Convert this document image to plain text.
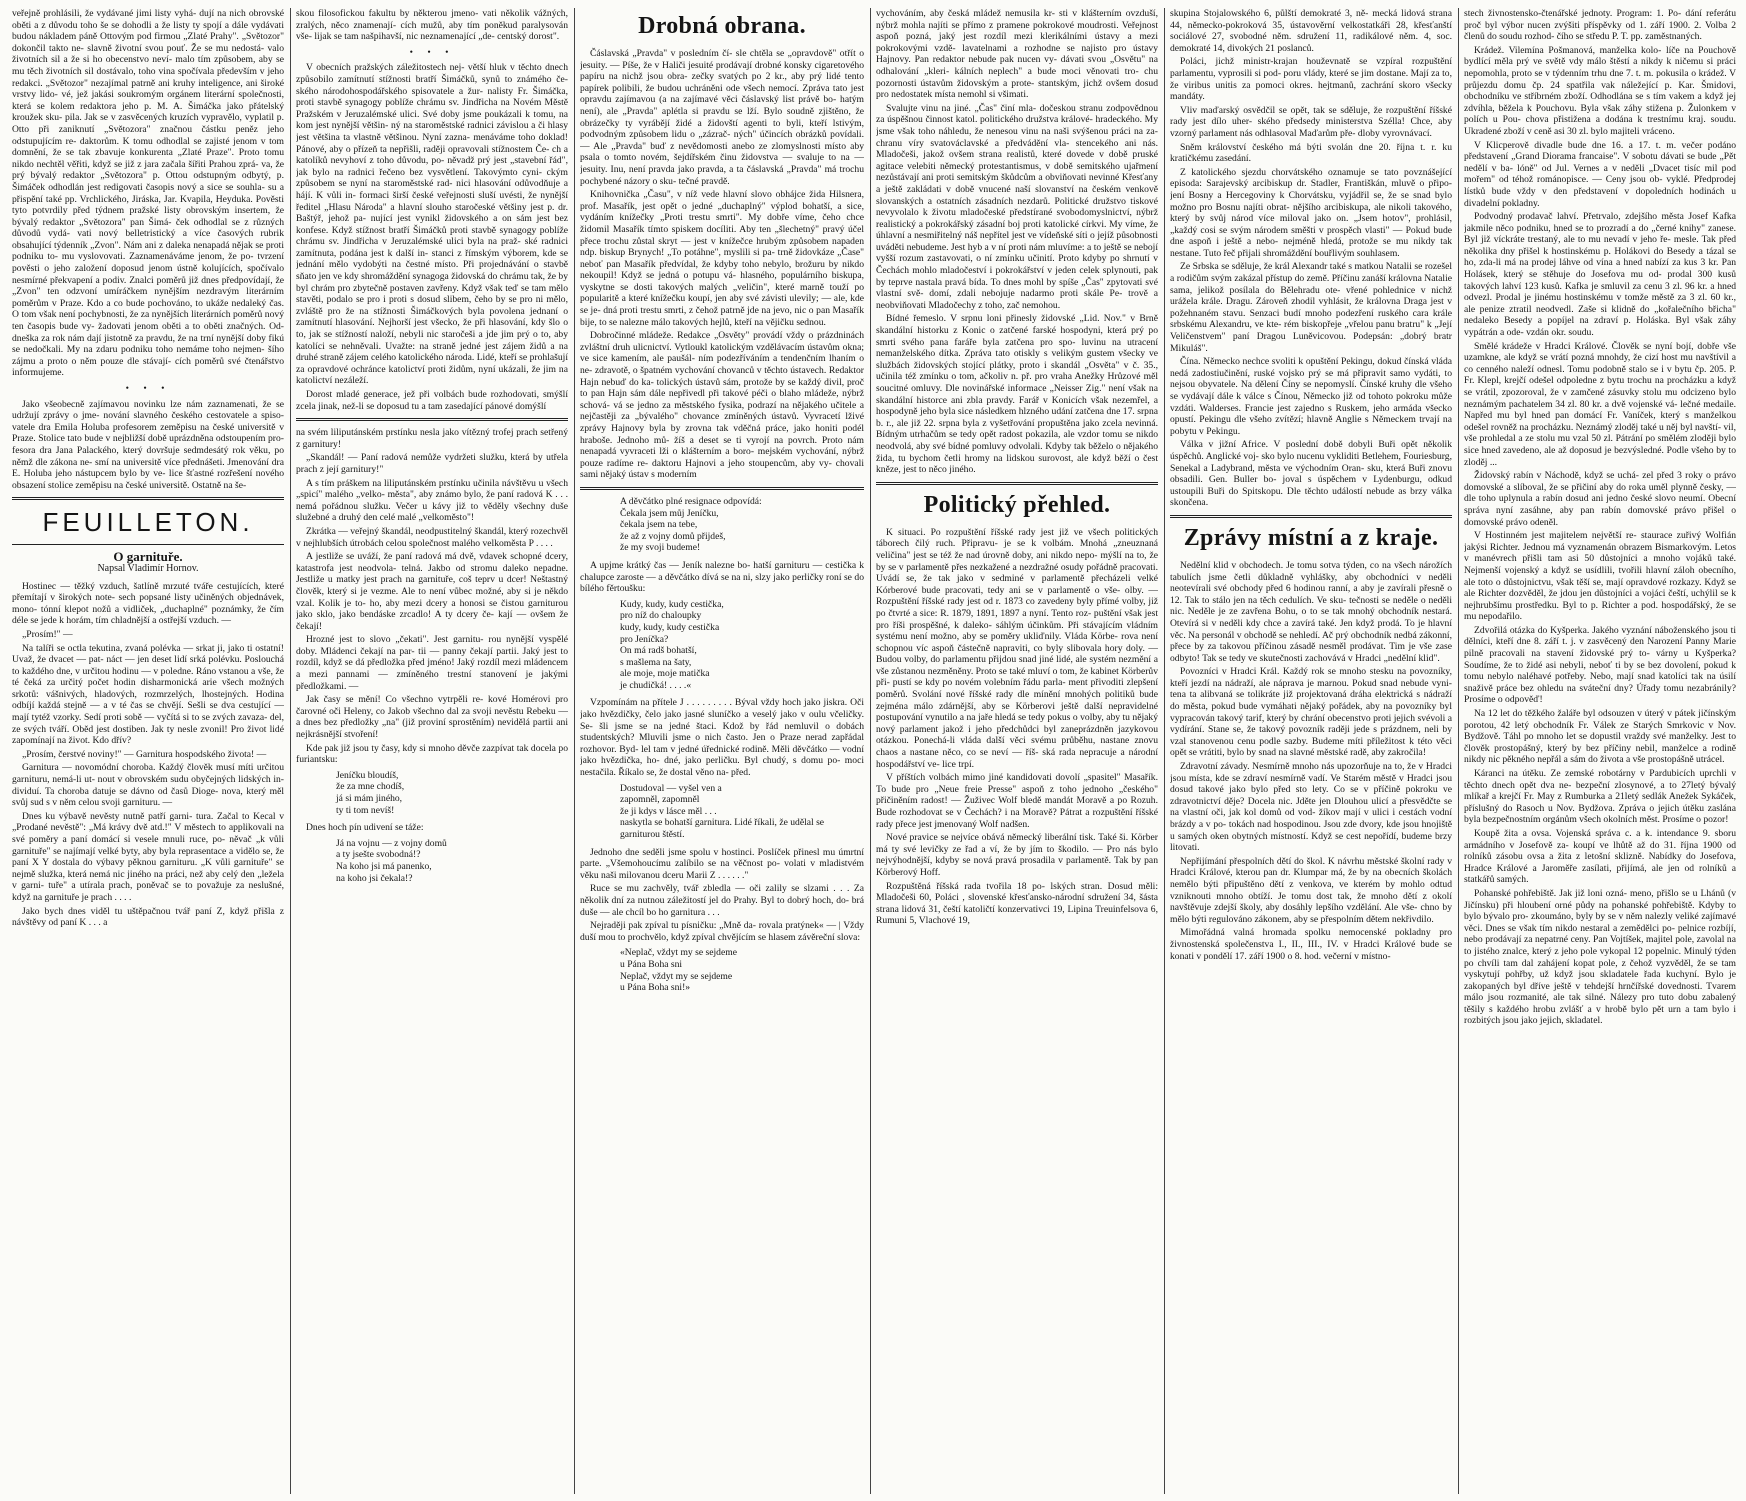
veřejně prohlásili, že vydávané jimi listy vyhá- dují na nich obrovské oběti a z důvodu toho še se dohodli a že listy ty spojí a dále vydávati budou nákladem páně Ottovým pod firmou „Zlaté Prahy". „Světozor" dokončil takto ne- slavně životní svou pouť. Že se mu nedostá- valo životních sil a že si ho obecenstvo neví- malo tím způsobem, aby se mu těch životních sil dostávalo, toho vina spočívala především v jeho redakci. „Světozor" nezajímal patrně ani kruhy inteligence, ani široké vrstvy lido- vé, jež jakási soukromým orgánem literární společnosti, která se kolem redaktora jeho p. M. A. Šimáčka jako přátelský kroužek sku- pila. Jak se v zasvěcených kruzích vypravělo, vyplatil p. Otto při zaniknutí „Světozora" značnou částku peněz jeho odstupujícím re- daktorům. K tomu odhodlal se zajisté jenom v tom domnění, že se tak zbavuje konkurenta „Zlaté Praze". Proto tomu nikdo nechtěl věřiti, když se již z jara začala šířiti Prahou zprá- va, že prý bývalý redaktor „Světozora" p. Ottou odstupným odbytý, p. Šimáček odhodlán jest redigovati časopis nový a sice se souhla- su a přispění také pp. Vrchlického, Jiráska, Jar. Kvapila, Heyduka. Pověsti tyto potvrdily před týdnem pražské listy obrovským insertem, že bývalý redaktor „Světozora" pan Šimá- ček odhodlal se z různých důvodů vydá- vati nový belletristický a více časových rubrik obsahující týdenník „Zvon". Nám ani z daleka nenapadá nějak se proti podniku to- mu vyslovovati. Zaznamenáváme jenom, že po- tvrzení pověsti o jeho založení doposud jenom ústně kolujících, spočívalo nesmírné překvapení a podiv. Znalci poměrů již dnes předpovídají, že „Zvon" ten odzvoní umíráčkem nynějším nezdravým literárním poměrům v Praze. Kdo a co bude pochováno, to ukáže nedaleký čas. O tom však není pochybnosti, že za nynějších literárních poměrů nový ten časopis bude vy- žadovati jenom oběti a to oběti značných. Od- dneška za rok nám dají jistotně za pravdu, že na trní nynější doby fikú se nedočkali. My na zdaru podniku toho nemáme toho nejmen- šího zájmu a proto o něm pouze dle stávají- cích poměrů své čtenářstvo informujeme.

• • •

Jako všeobecně zajímavou novinku lze nám zaznamenati, že se udržují zprávy o jme- nování slavného českého cestovatele a spiso- vatele dra Emila Holuba profesorem zeměpisu na české universitě v Praze. Stolice tato bude v nejbližší době uprázdněna odstoupením pro- fesora dra Jana Palackého, který dovršuje sedmdesátý rok věku, po němž dle zákona ne- smí na universitě více přednášeti. Jmenování dra E. Holuba jeho nástupcem bylo by ve- lice šťastné rozřešení nového obsazení stolice zeměpisu na české universitě. Ostatně na še-

FEUILLETON.
O garnituře.
Napsal Vladimír Hornov.

Hostinec — těžký vzduch, šatlíně mrzuté tváře cestujících, které přemítají v širokých note- sech popsané listy učiněných objednávek, mono- tónní klepot nožů a vidliček, „duchaplné" poznámky, že čím déle se jede k horám, tím chladnější a ostřejší vzduch. —

„Prosím!" —

Na talíři se octla tekutina, zvaná polévka — srkat ji, jako ti ostatní! Uvaž, že dvacet — pat- náct — jen deset lidí srká polévku. Poslouchá to každého dne, v určitou hodinu — v poledne. Ráno vstanou a vše, že té čeká za určitý počet hodin disharmonická arie všech možných srkotů: vášnivých, hladových, rozmrzelých, lhostejných. Hodina odbíjí každá stejně — a v té čas se chvějí. Sešli se dva cestující — mají tytéž vzorky. Sedí proti sobě — vyčítá si to se zvých zavaza- del, ze svých tváří. Oběd jest dostiben. Jak ty nesle zvonil! Pro život lidé zapomínají na život. Kdo dřív?

„Prosím, čerstvé noviny!" — Garnitura hospodského života! —

Garnitura — novomódní choroba. Každý člověk musí míti určitou garnituru, nemá-li ut- nout v obrovském sudu obyčejných lidských in- dividuí. Ta choroba datuje se dávno od časů Dioge- nova, který měl svůj sud s v něm celou svoji garnituru. —

Dnes ku výbavě nevěsty nutně patří garni- tura. Začal to Kecal v „Prodané nevěstě": „Má krávy dvě atd.!" V městech to applikovali na své poměry a paní domácí si vesele mnuli ruce, po- něvač „k vůli garnituře" se najímají velké byty, aby byla reprasentace a vidělo se, že paní X Y dostala do výbavy pěknou garnituru. „K vůli garnituře" se nejmě služka, která nemá nic jiného na práci, než aby celý den „leželа v garni- tuře" a utírala prach, poněvač se to považuje za neslušné, když na garnituře je prach . . . .

Jako bych dnes viděl tu uštěpačnou tvář paní Z, když přišla z návštěvy od paní K . . . a

skou filosofickou fakultu by některou jmeno- vati několik vážných, zralých, něco znamenají- cích mužů, aby tím poněkud paralysován vše- lijak se tam našpihavší, nic neznamenající „de- centský dorost".

• • •

V obecních pražských záležitostech nej- větší hluk v těchto dnech způsobilo zamítnutí stížnosti bratří Šimáčků, synů to známého če- ského národohospodářského spisovatele a žur- nalisty Fr. Šimáčka, proti stavbě synagogy poblíže chrámu sv. Jindřicha na Novém Městě Pražském v Jeruzalémské ulici. Své doby jsme poukázali k tomu, na kom jest nynější většin- ný na staroměstské radnici závislou a či hlasy jest většina ta vlastně většinou. Nyní zazna- menáváme toho doklad! Pánové, aby o přízeň ta nepřišli, raději opravovali stížnostem Če- ch a katolíků nevyhoví z toho důvodu, po- něvadž prý jest „stavební řád", jak bylo na radnici řečeno bez vysvětlení. Takovýmto cyni- ckým způsobem se nyní na staroměstské rad- nici hlasování odůvodňuje a hájí. K vůli in- formaci širší české veřejnosti sluší uvésti, že nynější ředitel „Hlasu Národa" a hlavní slouho staročeské většiny jest p. dr. Baštýř, jehož pa- nující jest vynikl židovského a on sám jest bez konfese. Když stížnost bratří Šimáčků proti stavbě synagogy poblíže chrámu sv. Jindřicha v Jeruzalémské ulici byla na praž- ské radnici zamítnuta, podána jest k další in- stanci z římským výborem, kde se jednání mělo vydobýti na čestné místo. Při projednávání o stavbě sňato jen ve kdy shromáždění synagoga židovská do chrámu tak, že by byl chrám pro zbytečně postaven zavřeny. Když však teď se tam mělo stavěti, podalo se pro i proti s dosud slibem, čeho by se pro ni mělo, zvláště pro že na stížnosti Šimáčkových byla povolena jednaní o zamítnutí hlasování. Nejhorší jest všecko, že při hlasování, kdy šlo o to, jak se stížností naloží, nebyli nic staročeši a jde jim prý o to, aby katolíci se nehněvali. Uvažte: na straně jedné jest zájem židů a na druhé straně zájem celého katolického národa. Lidé, kteří se prohlašují za opravdové ochránce katolictví proti židům, nyní ukázali, že jim na katolictví nezáleží.

Dorost mladé generace, jež při volbách bude rozhodovati, smýšlí zcela jinak, než-li se doposud tu a tam zasedající pánové domýšlí

na svém liliputánském prstínku nesla jako vítězný trofej prach setřený z garnitury!

„Skandál! — Paní radová nemůže vydržeti služku, která by utřela prach z její garnitury!"

A s tím práškem na liliputánském prstínku učinila návštěvu u všech „spicí" malého „velko- města", aby známo bylo, že paní radová K . . . nemá pořádnou služku. Večer u kávy již to věděly všechny duše služebné a druhý den celé malé „velkoměsto"!

Zkrátka — veřejný škandál, neodpustitelný škandál, který rozechvěl v nejhlubších útrobách celou společnost malého velkoměsta P . . . .

A jestliže se uváží, že paní radová má dvě, vdavek schopné dcery, katastrofa jest neodvola- telná. Jakbo od stromu daleko nepadne. Jestliže u matky jest prach na garnituře, coš teprv u dcer! Neštastný člověk, který si je vezme. Ale to není vůbec možné, aby si je někdo vzal. Kolik je to- ho, aby mezi dcery a honosi se čistou garniturou jako sklo, jako bendáske zrcadlo! A ty dcery če- kají — ovšem že čekají!

Hrozné jest to slovo „čekati". Jest garnitu- rou nynější vyspělé doby. Mládenci čekají na par- tii — panny čekají partii. Jaký jest to rozdíl, když se dá předložka před jméno! Jaký rozdíl mezi mládencem a mezi pannami — zmíněného trestní stanovení je jakými předložkami. —

Jak časy se mění! Co všechno vytrpěli re- kové Homérovi pro čarovné oči Heleny, co Jakob všechno dal za svoji nevěstu Rebeku — a dnes bez předložky „na" (již proviní sprostěním) nevidělá partii ani nejkrásnější stvoření!

Kde pak již jsou ty časy, kdy si mnoho děvče zazpívat tak docela po furiantsku:

Jeníčku bloudíš,
že za mne chodíš,
já si mám jiného,
ty ti tom nevíš!

Dnes hoch pín udivení se táže:

Já na vojnu — z vojny domů
a ty jsešte svobodná!?
Na koho jsi má panenko,
na koho jsi čekala!?
Drobná obrana.

Čáslavská „Pravda" v posledním čí- sle chtěla se „opravdově" otřít o jesuity. — Píše, že v Haliči jesuité prodávají drobné konsky cigaretového papíru na nichž jsou obra- zečky svatých po 2 kr., aby prý lidé tento papírek polibili, že budou uchráněni ode všech nemocí. Zpráva tato jest opravdu zajímavou (a na zajímavé věci čáslavský list právě bo- hatým není), ale „Pravda" aplétla si pravdu se lží. Bylo soudně zjištěno, že obrázečky ty vyrábějí židé a židovští agenti to byli, kteří lstivým, podvodným způsobem lidu o „zázrač- ných" účincích obrázků povídali. — Ale „Pravda" buď z nevědomosti anebo ze zlomyslnosti místo aby psala o tomto novém, šejdířském činu židovstva — svaluje to na — jesuity. Inu, není pravda jako pravda, a ta čáslavská „Pravda" má trochu pochybené názory o sku- tečné pravdě.

Knihovnička „Času", v níž vede hlavní slovo obhájce žida Hilsnera, prof. Masařík, jest opět o jedné „duchaplný" výplod bohatší, a sice, vydáním knížečky „Proti trestu smrti". My dobře víme, čeho chce židomil Masařík tímto spiskem docíliti. Aby ten „šlechetný" pravý účel přece trochu zůstal skryt — jest v knížečce hrubým způsobem napaden ndp. biskup Brynych! „To potáhne", myslili si pa- trně židovkáze „Čase" neboť pan Masařík předvídal, že kdyby toho nebylo, brožuru by nikdo nekoupil! Když se jedná o potupu vá- hlasného, populárního biskupa, vyskytne se dosti takových malých „veličin", které marně touží po popularitě a které knížečku koupí, jen aby své závisti ulevily; — ale, kde se je- dná proti trestu smrti, z čehož patrně jde na jevo, nic o pan Masařík bije, to se nalezne málo takových hejlů, kteří na vějičku sednou.

Dobročinné mládeže. Redakce „Osvěty" provádí vždy o prázdninách zvláštní druh ulicnictví. Vytloukl katolickým vzdělávacím ústavům okna; ve sice kamením, ale paušál- ním podezříváním a tendenčním lhaním o ne- zdravotě, o špatném vychování chovanců v těchto ústavech. Redaktor Hajn nebuď do ka- tolických ústavů sám, protože by se každý divil, proč to pan Hajn sám dále nepřivedl při takové péči o blaho mládeže, nýbrž schová- vá se jedno za městského fysika, podrazí na nějakého učitele a nejčastěji za „bývalého" chovance zmíněných ústavů. Vyvracetí lživé zprávy Hajnovy byla by zrovna tak vděčná práce, jako honiti podél hraboše. Jednoho mů- žíš a deset se ti vyrojí na povrch. Proto nám nenapadá vyvraceti lži o klášterním a boro- mejském vychování, nýbrž pouze radíme re- daktoru Hajnovi a jeho stoupencům, aby vy- chovali sami nějaký ústav s moderním

A děvčátko plné resignace odpovídá:
Čekala jsem můj Jeníčku,
čekala jsem na tebe,
že až z vojny domů přijdeš,
že my svoji budeme!

A upjme krátký čas — Jeník nalezne bo- hatší garnituru — cestička k chalupce zaroste — a děvčátko dívá se na ni, slzy jako perličky roní se do bílého fěrtoušku:

Kudy, kudy, kudy cestička,
pro níž do chaloupky
kudy, kudy, kudy cestička
pro Jeníčka?
On má radš bohatší,
s mašlema na šaty,
ale moje, moje matička
je chudičká! . . . .«

Vzpomínám na přítele J . . . . . . . . . Býval vždy hoch jako jiskra. Oči jako hvězdičky, čelo jako jasné sluníčko a veselý jako v oulu včeličky. Se- šli jsme se na jedné štaci. Kdož by řád nemluvil o dobách studentských? Mluvili jsme o nich často. Jen o Praze nerad zapřádal rozhovor. Byd- lel tam v jedné úřednické rodině. Měli děvčátko — vodní jako hvězdička, ho- dné, jako perličku. Byl chudý, s domu po- moci nestačila. Říkalo se, že dostal věno na- před.

Dostudoval — vyšel ven a
zapomněl, zapomněl
že ji kdys v lásce měl . . .
naskytla se bohatší garnitura. Lidé říkali, že udělal se garniturou štěstí.

Jednoho dne seděli jsme spolu v hostinci. Poslíček přinesl mu úmrtní parte. „Všemohoucímu zalíbilo se na věčnost po- volati v mladistvém věku naši milovanou dceru Marii Z . . . . . ."

Ruce se mu zachvěly, tvář zbledla — oči zalily se slzami . . . Za několik dní za nutnou záležitostí jel do Prahy. Byl to dobrý hoch, do- brá duše — ale chcíl bo ho garnitura . . .

Nejraději pak zpíval tu písničku: „Mně da- rovala pratýnek« — | Vždy duší mou to prochvělo, když zpíval chvějícím se hlasem závěreční slova:

«Neplač, vždyt my se sejdeme
u Pána Boha sni
Neplač, vždyt my se sejdeme
u Pána Boha sni!»

vychováním, aby česká mládež nemusila kr- sti v klášterním ovzduší, nýbrž mohla najíti se přímo z pramene pokrokové moudrosti. Veřejnost aspoň pozná, jaký jest rozdíl mezi klerikálními ústavy a mezi pokrokovými vzdě- lavatelnami a rozhodne se najisto pro ústavy Hajnovy. Pan redaktor nebude pak nucen vy- dávati svou „Osvětu" na odhalování „kleri- kálních neplech" a bude moci věnovati tro- chu pozornosti ústavům židovským a prote- stantským, jichž ovšem dosud pro nedostatek místa nemohl si všimati.

Svalujte vinu na jiné. „Čas" činí mla- dočeskou stranu zodpovědnou za úspěšnou činnost katol. politického družstva králové- hradeckého. My jsme však toho náhledu, že nenesou vinu na naši svýšenou práci na za- chranu víry svatováclavské a předvádění vla- stencekého ani nás. Mladočeši, jakož ovšem strana realistů, které dovede v době pruské agitace velebiti německý protestantismus, v době semitského ujařmení nezůstávají ani proti semitským škůdcům a obviňovati nevinné Křesťany a ještě zakládati v době vnucené naší slovanství na českém venkově slovanských a ostatních zásadních nezdarů. Politické družstvo tiskové nevyvolalo k životu mladočeské předstírané svobodomyslnictví, nýbrž realistický a pokrokářský zásadní boj proti katolické církvi. My víme, že úhlavní a nesmiřitelný náš nepřítel jest ve vídeňské síti o jejíž působnosti uváděti nebudeme. Jest hyb a v ní proti nám mluvíme: a to ještě se nebojí vyšší rozum zastavovati, o ní zmínku učinití. Proto kdyby po shrnutí v Čechách mohlo mladočeství i pokrokářství v jeden celek splynouti, pak by teprve nastala pravá bída. To dnes mohl by spíše „Čas" zpytovati své vlastní svě- domí, zdali nebojuje nadarmo proti skále Pe- trově a neobviňovati Mladočechy z toho, zač nemohou.

Bídné řemeslo. V srpnu loni přinesly židovské „Lid. Nov." v Brně skandální historku z Konic o zatčené farské hospodyni, která prý po smrti svého pana faráře byla zatčena pro spo- luvinu na utracení nemanželského dítka. Zpráva tato otiskly s velikým gustem všecky ve službách židovských stojící plátky, proto i skandál „Osvěta" v č. 35., učinila též zmínku o tom, ačkoliv n. př. pro vraha Anežky Hrůzové měl soucitné omluvy. Dle novinářské informace „Neisser Zig." není však na skandální historce ani zbla pravdy. Farář v Konicích však nezemřel, a hospodyně jeho byla sice následkem hlzného udání zatčena dne 17. srpna b. r., ale již 22. srpna byla z vyšetřování propuštěna jako zcela nevinná. Bídným utrhačům se tedy opět radost pokazila, ale vzdor tomu se nikdo neodvolá, aby své bídné pomluvy odvolali. Kdyby tak běželo o nějakého žida, tu bychom četli hromy na lidskou surovost, ale když běží o čest kněze, jest to něco jiného.

Politický přehled.

K situaci. Po rozpuštění říšské rady jest již ve všech politických táborech čilý ruch. Připravu- je se k volbám. Mnohá „zneuznaná veličina" jest se též že nad úrovně doby, ani nikdo nepo- mýšlí na to, že by se v parlamentě přes nezkažené a nezdražné osudy pořádně pracovati. Uvádí se, že tak jako v sedminé v parlamentě přecházeli velké Kórberové bude pracovati, tedy ani se v parlamentě o vše- olby. — Rozpuštění říšské rady jest od r. 1873 co zavedeny byly přímé volby, již po čtvrté a sice: R. 1879, 1891, 1897 a nyní. Tento roz- puštění však jest pro říši prospěšné, k daleko- sáhlým účinkům. Při stávajícím vládním systému není možno, aby se poměry ukliďnily. Vláda Körbe- rova není schopnou víc aspoň částečně napraviti, co byly slibovala hory doly. — Budou volby, do parlamentu přijdou snad jiné lidé, ale systém nezmění a vše zůstanou nezměněny. Proto se také mluví o tom, že kabinet Körberův při- pustí se kdy po novém volebním řádu parla- ment přivoditi zlepšení poměrů. Svolání nové říšské rady dle mínění mnohých politiků bude zejména málo zdárnější, aby se Körberovi ještě další nepravidelné postupování vynutilo a na jaře hledá se tedy pokus o volby, aby tu nějaký nový parlament jakož i jeho předchůdci byl zaneprázdněn jazykovou otázkou. Ponechá-li vláda další věci svému průběhu, nastane znovu chaos a nastane něco, co se neví — říš- ská rada nepracuje a národní hospodářství ve- lice trpí.

V příštích volbách mimo jiné kandidovati dovolí „spasitel" Masařík. To bude pro „Neue freie Presse" aspoň z toho jednoho „českého" přičiněním radost! — Žuživec Wolf bledě mandát Moravě a po Rozuh. Bude rozhodovat se v Čechách? i na Moravě? Pátrat a rozpuštění říšské rady přece jest jmenovaný Wolf nadšen.

Nové pravice se nejvíce obává německý liberální tisk. Také ši. Körber má ty své levičky ze řad a ví, že by jím to škodilo. — Pro nás bylo nejvýhodnější, kdyby se nová pravá prosadila v parlamentě. Tak by pan Körberový Hoff.

Rozpuštěná říšská rada tvořila 18 po- lských stran. Dosud měli: Mladočeši 60, Poláci , slovenské křesťansko-národní sdružení 34, šásta strana lidová 31, čeští katoličtí konzervativci 19, Lipina Treuinfelsova 6, Rumuni 5, Vlachové 19,

skupina Stojalowského 6, půlští demokraté 3, ně- mecká lidová strana 44, německo-pokroková 35, ústavověrní velkostatkáři 28, křesťanští sociálové 27, svobodné něm. sdružení 11, radikálové něm. 4, soc. demokraté 14, divokých 21 poslanců.

Poláci, jichž ministr-krajan houževnatě se vzpíral rozpuštění parlamentu, vyprosili si pod- poru vlády, které se jim dostane. Mají za to, že viribus unitis za pomoci okres. hejtmanů, zachrání skoro všecky mandáty.

Vliv maďarský osvědčil se opět, tak se sděluje, že rozpuštění říšské rady jest dílo uher- ského předsedy ministerstva Szélla! Chce, aby vzorný parlament nás odhlasoval Maďarům pře- dloby vyrovnávací.

Sněm království českého má býti svolán dne 20. října t. r. ku kratičkému zasedání.

Z katolického sjezdu chorvátského oznamuje se tato povznášející episoda: Sarajevský arcibiskup dr. Stadler, Františkán, mluvě o připo- jení Bosny a Hercegoviny k Chorvátsku, vyjádřil se, že se snad bylo možno pro Bosnu najíti obrat- nějšího arcibiskupa, ale nikoli takového, který by svůj národ více miloval jako on. „Jsem hotov", prohlásil, „každý cosi se svým národem směšti v prospěch vlasti" — Pokud bude dne aspoň i ještě a nebo- nejméně hledá, protože se mu nikdy tak nestane. Tuto řeč přijali shromáždění bouřlivým souhlasem.

Ze Srbska se sděluje, že král Alexandr také s matkou Natalii se rozešel a rodičům svým zakázal přístup do země. Příčinu zanáší královna Natalie sama, jelikož posílala do Bělehradu ote- vřené pohlednice v nichž urážela krále. Dragu. Zároveň zhodil vyhlásit, že královna Draga jest v požehnaném stavu. Senzaci budí mnoho podezření ruského cara krále srbskému Alexandru, ve kte- rém biskopřeje „vřelou panu bratru" k „Její Veličenstvem" paní Dragou Luněvicovou. Podepsán: „dobrý bratr Mikuláš".

Čína. Německo nechce svoliti k opuštění Pekingu, dokud čínská vláda nedá zadostiučinění, ruské vojsko prý se má připravit samo vydáti, to nejsou obyvatele. Na dělení Číny se nepomyslí. Čínské kruhy dle všeho se vydávají dále k válce s Čínou, Německo již od tohoto pokroku může vzdáti. Walderses. Francie jest zajedno s Ruskem, jeho armáda všecko opustí. Pekingu dle všeho zvítězí; hlavně Anglie s Německem trvají na pobytu v Pekingu.

Válka v jižní Africe. V poslední době dobyli Buři opět několik úspěchů. Anglické voj- sko bylo nucenu vykliditi Betlehem, Fouriesburg, Senekal a Ladybrand, města ve východním Oran- sku, která Buři znovu obsadili. Gen. Buller bo- joval s úspěchem v Lydenburgu, odkud ustoupili Buři do Spitskopu. Dle těchto událostí nebude as brzy válka skončena.

Zprávy místní a z kraje.

Nedělní klid v obchodech. Je tomu sotva týden, co na všech nárožích tabulích jsme četli důkladně vyhlášky, aby obchodníci v neděli neotevírali své obchody před 6 hodinou ranní, a aby je zavírali přesně o 12. Tak to stálo jen na těch cedulích. Ve sku- tečnosti se neděle o neděli nic. Neděle je ze zavřena Bohu, o to se tak mnohý obchodník nestará. Otevírá si v neděli kdy chce a zavírá také. Jen když prodá. To je hlavní věc. Na personál v obchodě se nehledí. Ač prý obchodník nedbá zákonní, přece by za takovou příčinou zásadě nesměl prodávat. Tim je vše zase odbyto! Tak se tedy ve skutečnosti zachovává v Hradci „nedělní klid".

Povozníci v Hradci Král. Každý rok se mnoho stesku na povozníky, kteří jezdí na nádraží, ale náprava je marnou. Pokud snad nebude vyni- tena ta alibvaná se tolikráte již projektovaná dráha elektrická s nádraží do města, pokud bude vymáhati nějaký pořádek, aby na povozníky byl vypracován takový tarif, který by chrání obecenstvo proti jejich svévoli a vydírání. Stane se, že takový povozník raději jede s prázdnem, neli by vzal stanovenou cenu podle sazby. Budeme míti příležitost k této věci opět se vrátiti, bylo by snad na slavné městské radě, aby zakročila!

Zdravotní závady. Nesmírně mnoho nás upozorňuje na to, že v Hradci jsou místa, kde se zdraví nesmírně vadí. Ve Starém městě v Hradci jsou dosud takové jako bylo před sto lety. Co se v příčině pokroku ve zdravotnictví děje? Docela nic. Jděte jen Dlouhou ulicí a přesvědčte se na vlastní oči, jak kol domů od vod- žíkov mají v ulici i cestách vodní brázdy a v po- tokách nad hospodinou. Jsou zde dvory, kde jsou hnojiště u samých oken obytných místností. Když se cest nepořídí, budeme brzy litovati.

Nepřijímání přespolních dětí do škol. K návrhu městské školní rady v Hradci Králové, kterou pan dr. Klumpar má, že by na obecních školách nemělo býti připuštěno dětí z venkova, ve kterém by mohlo odtud vzniknouti mnoho obtíží. Je tomu dost tak, že mnoho dětí z okolí navštěvuje zdejší školy, aby dosáhly lepšího vzdělání. Ale vše- chno by mělo býti regulováno zákonem, aby se přespolním dětem nekřivdilo.

Mimořádná valná hromada spolku nemocenské pokladny pro živnostenská společenstva I., II., III., IV. v Hradci Králové bude se konati v pondělí 17. září 1900 o 8. hod. večerní v místno-

stech živnostensko-čtenářské jednoty. Program: 1. Po- dání referátu proč byl výbor nucen zvýšiti příspěvky od 1. září 1900. 2. Volba 2 členů do soudu rozhod- čího se středu P. T. pp. zaměstnaných.

Krádež. Vilemína Pošmanová, manželka kolo- líče na Pouchově bydlící měla prý ve světě vdy málo štěstí a nikdy k ničemu si práci nepomohla, proto se v týdenním trhu dne 7. t. m. pokusila o krádež. V průjezdu domu čp. 24 spatřila vak náležející p. Kar. Šmidovi, obchodníku ve stříbrném zboží. Odhodlána se s tím vakem a když jej zdvíhla, běžela k Pouchovu. Byla však záhy stižena p. Žulonkem v polích u Pou- chova přistižena a dodána k trestnímu kraj. soudu. Ukradené zboží v ceně asi 30 zl. bylo majiteli vráceno.

V Klicperově divadle bude dne 16. a 17. t. m. večer podáno představení „Grand Diorama francaise". V sobotu dávati se bude „Pět nedělí v ba- lóně" od Jul. Vernes a v neděli „Dvacet tisíc mil pod mořem" od téhož románopisce. — Ceny jsou ob- vyklé. Předprodej lístků bude vždy v den představení v dopoledních hodinách u divadelní pokladny.

Podvodný prodavač lahví. Přetrvalo, zdejšího města Josef Kafka jakmile něco podniku, hned se to prozradí a do „černé knihy" zanese. Byl již víckráte trestaný, ale to mu nevadí v jeho ře- mesle. Tak před několika dny přišel k hostinskému p. Holákovi do Besedy a tázal se ho, zda-li má na prodej láhve od vína a hned nabízí za kus 3 kr. Pan Holásek, který se stěhuje do Josefova mu od- prodal 300 kusů takových lahví 123 kusů. Kafka je smluvil za cenu 3 zl. 96 kr. a hned odvezl. Prodal je jinému hostinskému v tomže městě za 3 zl. 60 kr., ale penize ztratil neodvedl. Zaše si klidně do „kořalečního břicha" nedaleko Besedy a popíjel na zdraví p. Holáska. Byl však záhy vypátrán a ode- vzdán okr. soudu.

Smělé krádeže v Hradci Králové. Člověk se nyní bojí, dobře vše uzamkne, ale když se vrátí pozná mnohdy, že cizí host mu navštívil a co cenného naleží odnesl. Tomu podobně stalo se i v bytu čp. 205. P. Fr. Klepl, krejčí odešel odpoledne z bytu trochu na procházku a když se vrátil, zpozoroval, že v zamčené zásuvky stolu mu odcizeno bylo neznámým pachatelem 34 zl. 80 kr. a dvě vojenské vá- lečné medaile. Napřed mu byl hned pan domácí Fr. Vaníček, který s manželkou odešel rovněž na procházku. Neznámý zloděj také u něj byl navští- vil, vše prohledal a ze stolu mu vzal 50 zl. Pátrání po smělém zloději bylo sice hned zavedeno, ale až doposud je bezvýsledné. Podle všeho by to zloděj ...

Židovský rabín v Náchodě, když se uchá- zel před 3 roky o právo domovské a slíboval, že se přičiní aby do roka uměl plynně česky, — dle toho uplynula a rabín dosud ani jedno české slovo neumí. Obecní správa nyní zasáhne, aby pan rabín domovské právo přišel o domovské právo odeněl.

V Hostinném jest majitelem největší re- staurace zuřivý Wolfián jakýsi Richter. Jednou má vyznamenán obrazem Bismarkovým. Letos v manévrech přišli tam asi 50 důstojníci a mnoho vojáků také. Nejmenší vojenský a když se usídlili, tvořili hlavní záloh obecního, ale toto o důstojnictvu, však těší se, mají opravdové rozkazy. Když se ale Richter dozvěděl, že jdou jen důstojníci a vojáci čeští, uchýlil se k nejhrubšímu prostředku. Byl to p. Richter a pod. hospodářský, že se mu nepodařilo.

Zdvořilá otázka do Kyšperka. Jakého vyznání náboženského jsou ti dělníci, kteří dne 8. září t. j. v zasvěcený den Narození Panny Marie pilně pracovali na stavení židovské prý to- várny u Kyšperka? Soudíme, že to židé asi nebyli, neboť ti by se bez dovolení, pokud k tomu nebylo naléhavé potřeby. Nebo, mají snad katolíci tak na úsilí snaživě práce bez ohledu na sváteční dny? Úřady tomu nezabránily? Prosíme o odpověď!

Na 12 let do těžkého žaláře byl odsouzen v úterý v pátek jičínským porotou, 42 letý obchodník Fr. Válek ze Starých Smrkovic v Nov. Bydžově. Táhl po mnoho let se dopustil vraždy své manželky. Jest to člověk prostopášný, který by bez příčiny nebil, manželce a rodině nikdy nic pěkného nepřál a sám do života a vše prostopášně utrácel.

Káranci na útěku. Ze zemské robotárny v Pardubicích uprchli v těchto dnech opět dva ne- bezpeční zlosynové, a to 27letý bývalý mlíkař a krejčí Fr. May z Rumburka a 21letý sedlák Anežek Sykáček, příslušný do Rasoch u Nov. Bydžova. Zpráva o jejich útěku zaslána byla bezpečnostním orgánům všech okolních měst. Prosíme o pozor!

Koupě žita a ovsa. Vojenská správa c. a k. intendance 9. sboru armádního v Josefově za- koupí ve lhůtě až do 31. října 1900 od rolníků zásobu ovsa a žita z letošní sklizně. Nabídky do Josefova, Hradce Králové a Jaroměře zasílati, přijímá, ale jen od rolníků a statkářů samých.

Pohanské pohřebiště. Jak již loni ozná- meno, přišlo se u Lhánů (v Jičínsku) při hloubení orné půdy na pohanské pohřebiště. Kdyby to bylo bývalo pro- zkoumáno, byly by se v něm nalezly veliké zajímavé věci. Dnes se však tím nikdo nestaral a zemědělci po- pelnice rozbíjí, nebo prodávají za nepatrné ceny. Pan Vojtíšek, majitel pole, zavolal na to jistého znalce, který z jeho pole vykopal 12 popelnic. Minulý týden po chvíli tam dal zahájení kopat pole, z čehož vyzvěděl, že se tam vyskytují pohřby, už když jsou skladatele řada kuchyní. Bylo je zakopaných byl dříve ještě v tehdejší hrnčířské dovednosti. Tvarem málo jsou rozmanité, ale tak silné. Nálezy pro tuto dobu zabalený těšily s každého hrobu zvlášť a v hrobě bylo pět urn a tam bylo i rozbitých jsou jako jejich, skladatel.
